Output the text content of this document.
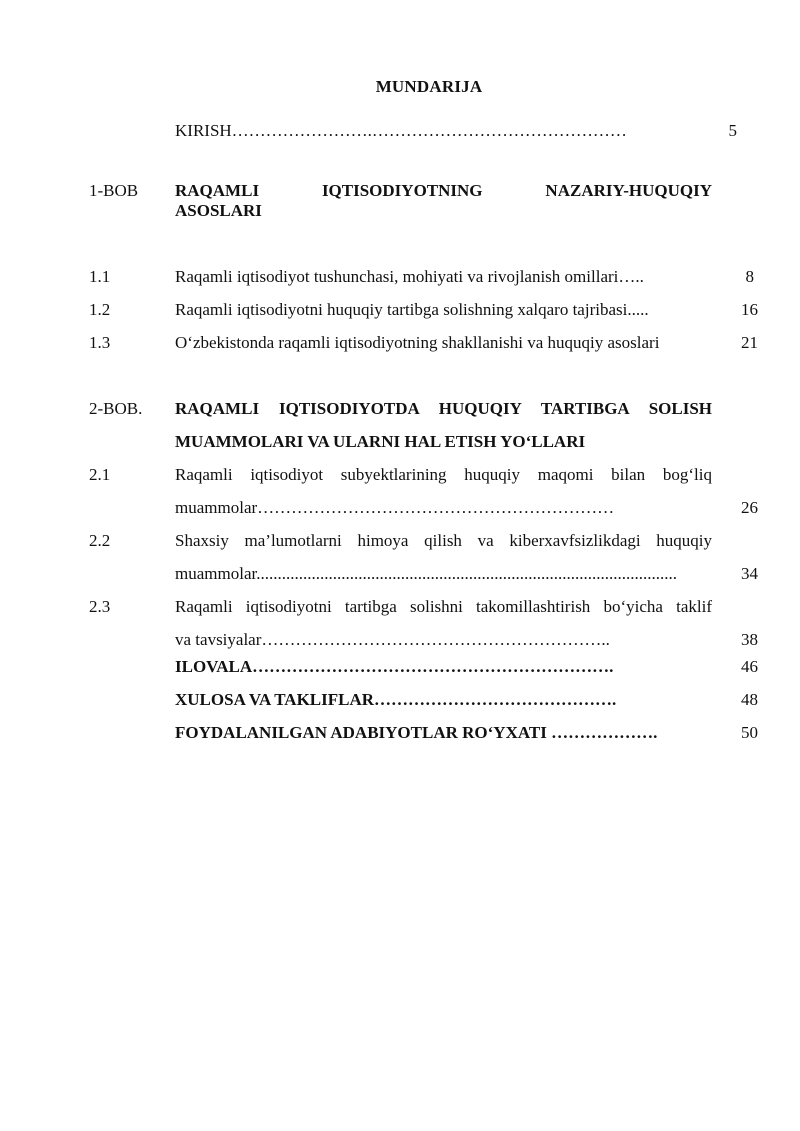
MUNDARIJA
KIRISH…………………….………………………………………	5
1-BOB RAQAMLI	IQTISODIYOTNING	NAZARIY-HUQUQIY
ASOSLARI
1.1	Raqamli iqtisodiyot tushunchasi, mohiyati va rivojlanish omillari…..	8
1.2	Raqamli iqtisodiyotni huquqiy tartibga solishning xalqaro tajribasi.....	16
1.3	O‘zbekistonda raqamli iqtisodiyotning shakllanishi va huquqiy asoslari	21
2-BOB. RAQAMLI IQTISODIYOTDA HUQUQIY TARTIBGA SOLISH
MUAMMOLARI VA ULARNI HAL ETISH YO‘LLARI
2.1	Raqamli iqtisodiyot subyektlarining huquqiy maqomi bilan bog‘liq
muammolar………………………………………………………	26
2.2	Shaxsiy ma’lumotlarni himoya qilish va kiberxavfsizlikdagi huquqiy
muammolar...................................................................................................	34
2.3	Raqamli iqtisodiyotni tartibga solishni takomillashtirish bo‘yicha taklif
va tavsiyalar……………………………………………………..	38
ILOVALA……………………………………………………….	46
XULOSA VA TAKLIFLAR…………………………………….	48
FOYDALANILGAN ADABIYOTLAR RO‘YXATI ……………….	50
